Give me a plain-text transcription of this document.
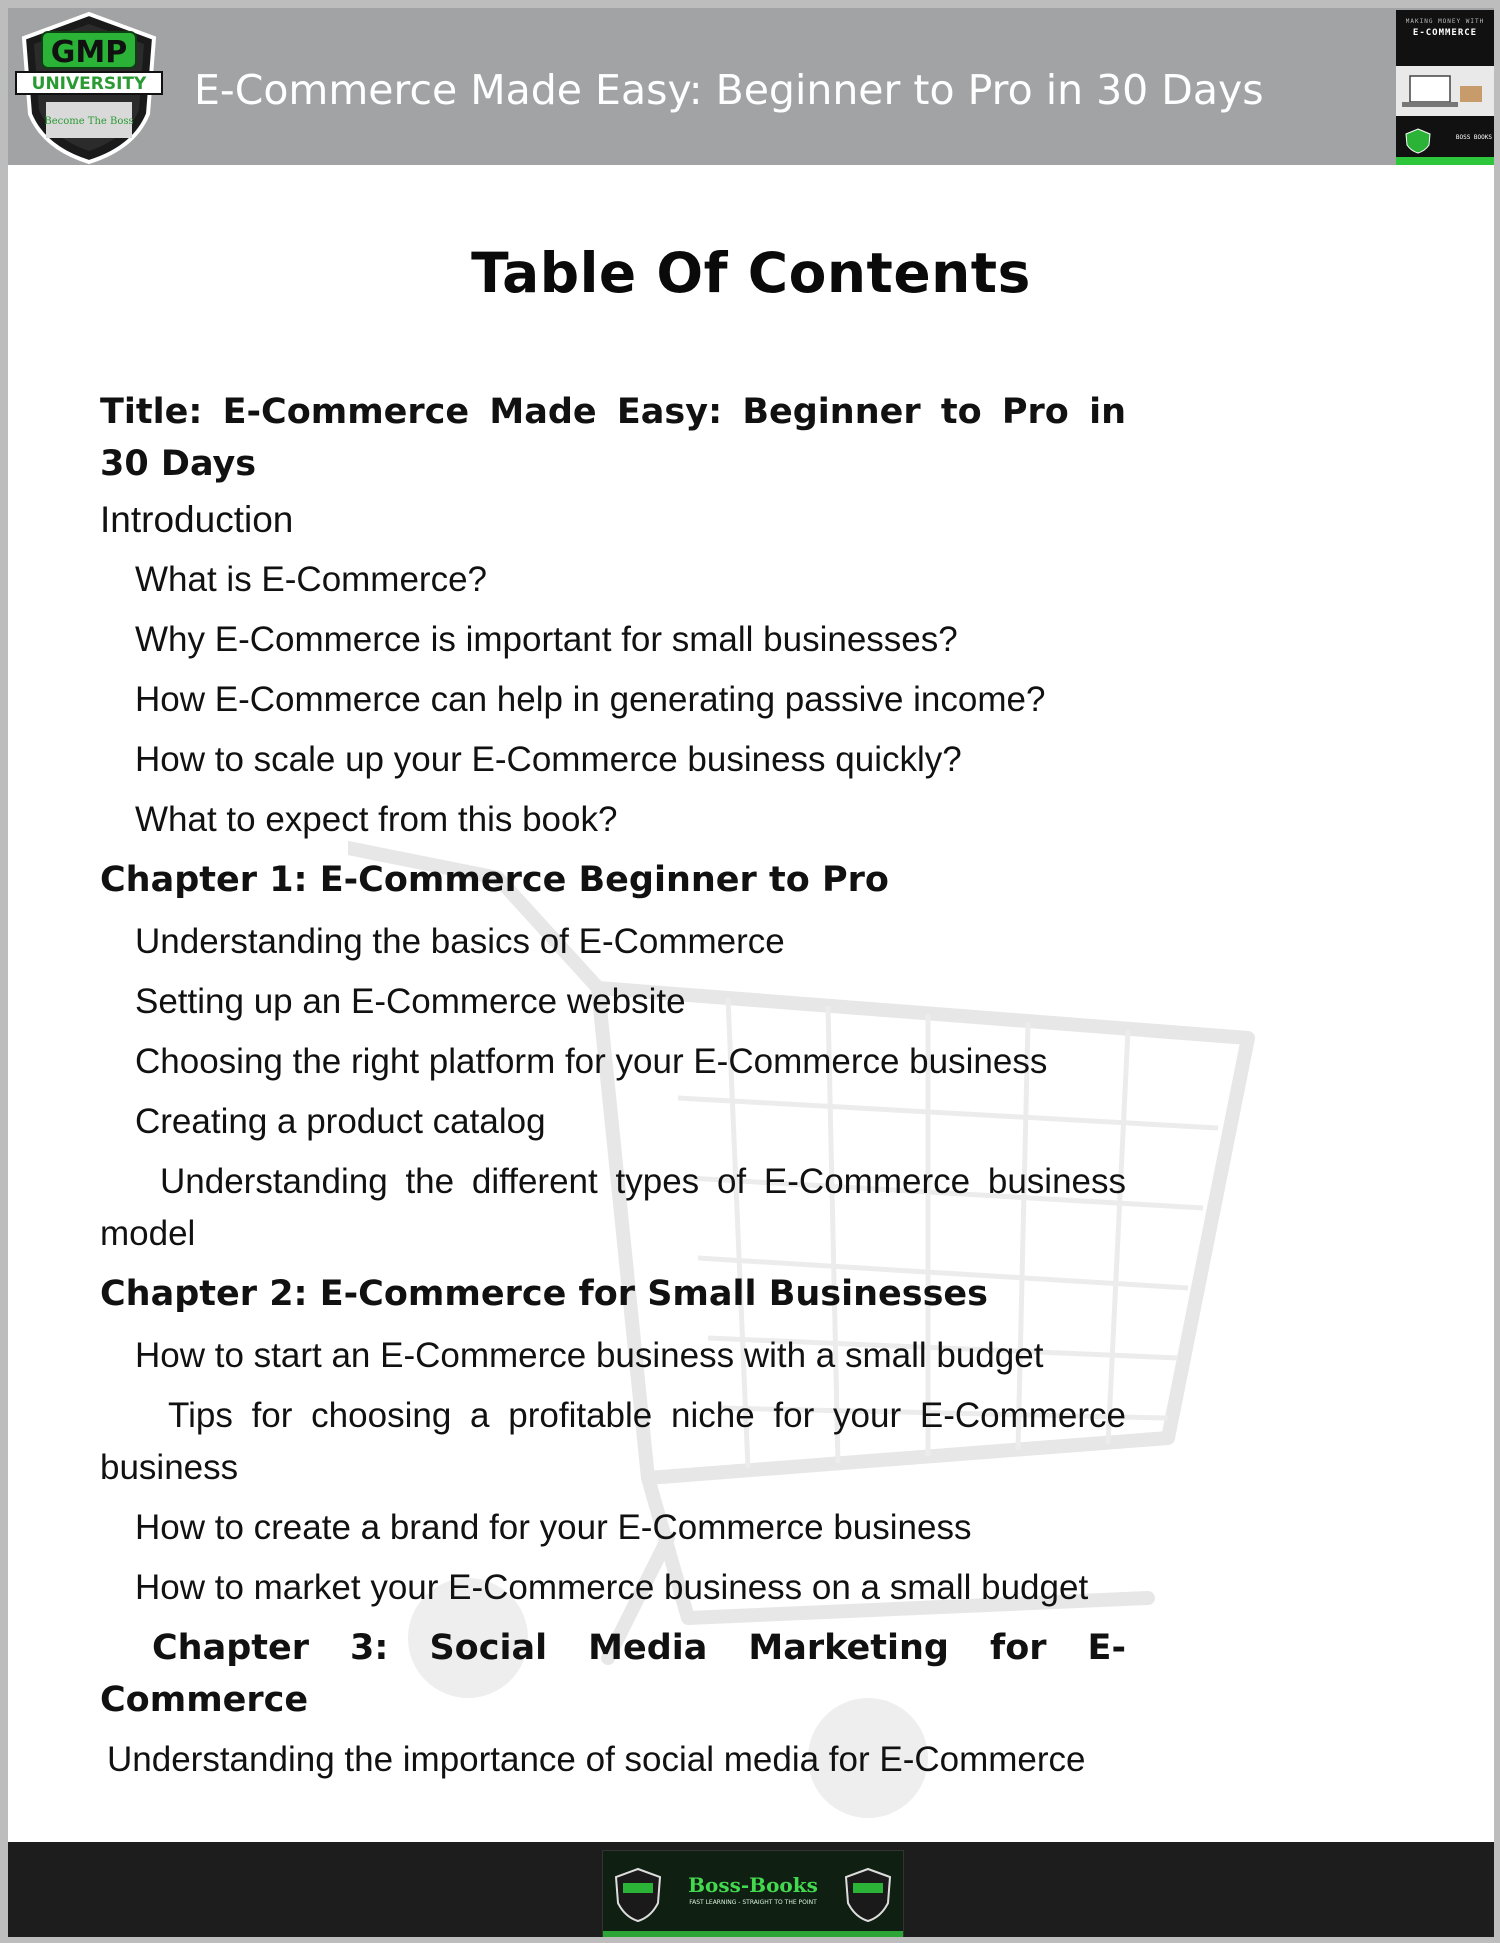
GMP
UNIVERSITY
Become The Boss
E-Commerce Made Easy: Beginner to Pro in 30 Days
MAKING MONEY WITH
E-COMMERCE
BOSS BOOKS
Table Of Contents
Title: E-Commerce Made Easy: Beginner to Pro in 30 Days
Introduction
What is E-Commerce?
Why E-Commerce is important for small businesses?
How E-Commerce can help in generating passive income?
How to scale up your E-Commerce business quickly?
What to expect from this book?
Chapter 1: E-Commerce Beginner to Pro
Understanding the basics of E-Commerce
Setting up an E-Commerce website
Choosing the right platform for your E-Commerce business
Creating a product catalog
Understanding the different types of E-Commerce business model
Chapter 2: E-Commerce for Small Businesses
How to start an E-Commerce business with a small budget
Tips for choosing a profitable niche for your E-Commerce business
How to create a brand for your E-Commerce business
How to market your E-Commerce business on a small budget
Chapter 3: Social Media Marketing for E-Commerce
Understanding the importance of social media for E-Commerce
Boss-Books
FAST LEARNING - STRAIGHT TO THE POINT
